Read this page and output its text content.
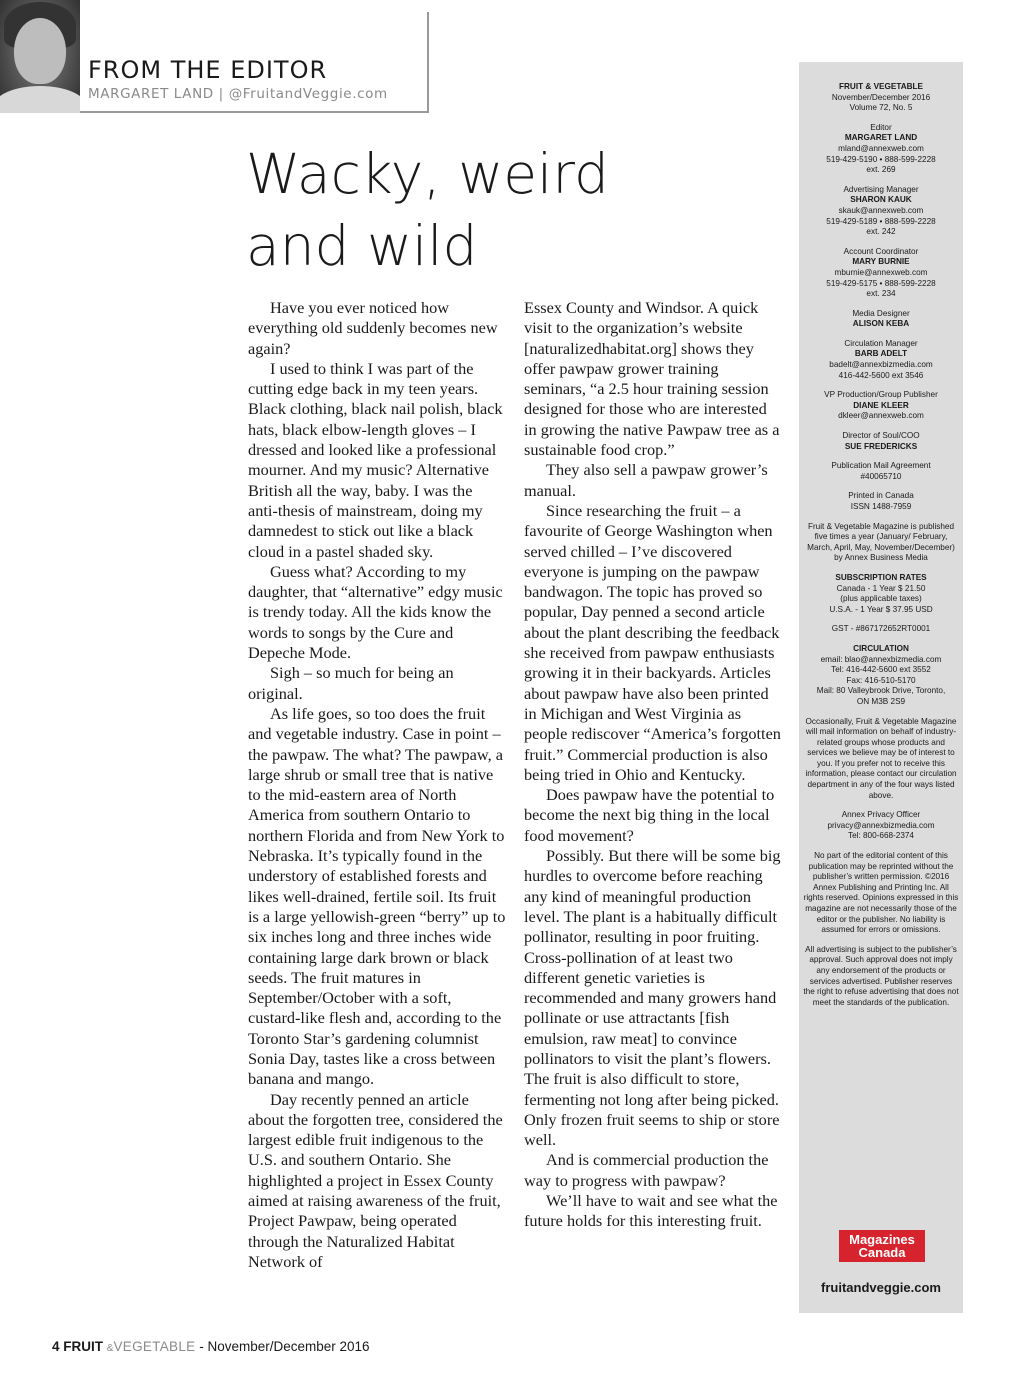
FROM THE EDITOR
MARGARET LAND | @FruitandVeggie.com
Wacky, weird
and wild

Have you ever noticed how everything old suddenly becomes new again?

I used to think I was part of the cutting edge back in my teen years. Black clothing, black nail polish, black hats, black elbow-length gloves – I dressed and looked like a professional mourner. And my music? Alternative British all the way, baby. I was the anti-thesis of mainstream, doing my damnedest to stick out like a black cloud in a pastel shaded sky.

Guess what? According to my daughter, that “alternative” edgy music is trendy today. All the kids know the words to songs by the Cure and Depeche Mode.

Sigh – so much for being an original.

As life goes, so too does the fruit and vegetable industry. Case in point – the pawpaw. The what? The pawpaw, a large shrub or small tree that is native to the mid-eastern area of North America from southern Ontario to northern Florida and from New York to Nebraska. It’s typically found in the understory of established forests and likes well-drained, fertile soil. Its fruit is a large yellowish-green “berry” up to six inches long and three inches wide containing large dark brown or black seeds. The fruit matures in September/October with a soft, custard-like flesh and, according to the Toronto Star’s gardening columnist Sonia Day, tastes like a cross between banana and mango.

Day recently penned an article about the forgotten tree, considered the largest edible fruit indigenous to the U.S. and southern Ontario. She highlighted a project in Essex County aimed at raising awareness of the fruit, Project Pawpaw, being operated through the Naturalized Habitat Network of

Essex County and Windsor. A quick visit to the organization’s website [naturalizedhabitat.org] shows they offer pawpaw grower training seminars, “a 2.5 hour training session designed for those who are interested in growing the native Pawpaw tree as a sustainable food crop.”

They also sell a pawpaw grower’s manual.

Since researching the fruit – a favourite of George Washington when served chilled – I’ve discovered everyone is jumping on the pawpaw bandwagon. The topic has proved so popular, Day penned a second article about the plant describing the feedback she received from pawpaw enthusiasts growing it in their backyards. Articles about pawpaw have also been printed in Michigan and West Virginia as people rediscover “America’s forgotten fruit.” Commercial production is also being tried in Ohio and Kentucky.

Does pawpaw have the potential to become the next big thing in the local food movement?

Possibly. But there will be some big hurdles to overcome before reaching any kind of meaningful production level. The plant is a habitually difficult pollinator, resulting in poor fruiting. Cross-pollination of at least two different genetic varieties is recommended and many growers hand pollinate or use attractants [fish emulsion, raw meat] to convince pollinators to visit the plant’s flowers. The fruit is also difficult to store, fermenting not long after being picked. Only frozen fruit seems to ship or store well.

And is commercial production the way to progress with pawpaw?

We’ll have to wait and see what the future holds for this interesting fruit.

FRUIT & VEGETABLE
November/December 2016
Volume 72, No. 5
Editor
MARGARET LAND
mland@annexweb.com
519-429-5190 • 888-599-2228
ext. 269
Advertising Manager
SHARON KAUK
skauk@annexweb.com
519-429-5189 • 888-599-2228
ext. 242
Account Coordinator
MARY BURNIE
mburnie@annexweb.com
519-429-5175 • 888-599-2228
ext. 234
Media Designer
ALISON KEBA
Circulation Manager
BARB ADELT
badelt@annexbizmedia.com
416-442-5600 ext 3546
VP Production/Group Publisher
DIANE KLEER
dkleer@annexweb.com
Director of Soul/COO
SUE FREDERICKS
Publication Mail Agreement
#40065710
Printed in Canada
ISSN 1488-7959
Fruit & Vegetable Magazine is published five times a year (January/ February, March, April, May, November/December) by Annex Business Media
SUBSCRIPTION RATES
Canada - 1 Year $ 21.50
(plus applicable taxes)
U.S.A. - 1 Year $ 37.95 USD
GST - #867172652RT0001
CIRCULATION
email: blao@annexbizmedia.com
Tel: 416-442-5600 ext 3552
Fax: 416-510-5170
Mail: 80 Valleybrook Drive, Toronto,
ON M3B 2S9
Occasionally, Fruit & Vegetable Magazine will mail information on behalf of industry-related groups whose products and services we believe may be of interest to you. If you prefer not to receive this information, please contact our circulation department in any of the four ways listed above.
Annex Privacy Officer
privacy@annexbizmedia.com
Tel: 800-668-2374
No part of the editorial content of this publication may be reprinted without the publisher’s written permission. ©2016 Annex Publishing and Printing Inc. All rights reserved. Opinions expressed in this magazine are not necessarily those of the editor or the publisher. No liability is assumed for errors or omissions.
All advertising is subject to the publisher’s approval. Such approval does not imply any endorsement of the products or services advertised. Publisher reserves the right to refuse advertising that does not meet the standards of the publication.
Magazines
Canada
fruitandveggie.com
4 FRUIT &VEGETABLE - November/December 2016
